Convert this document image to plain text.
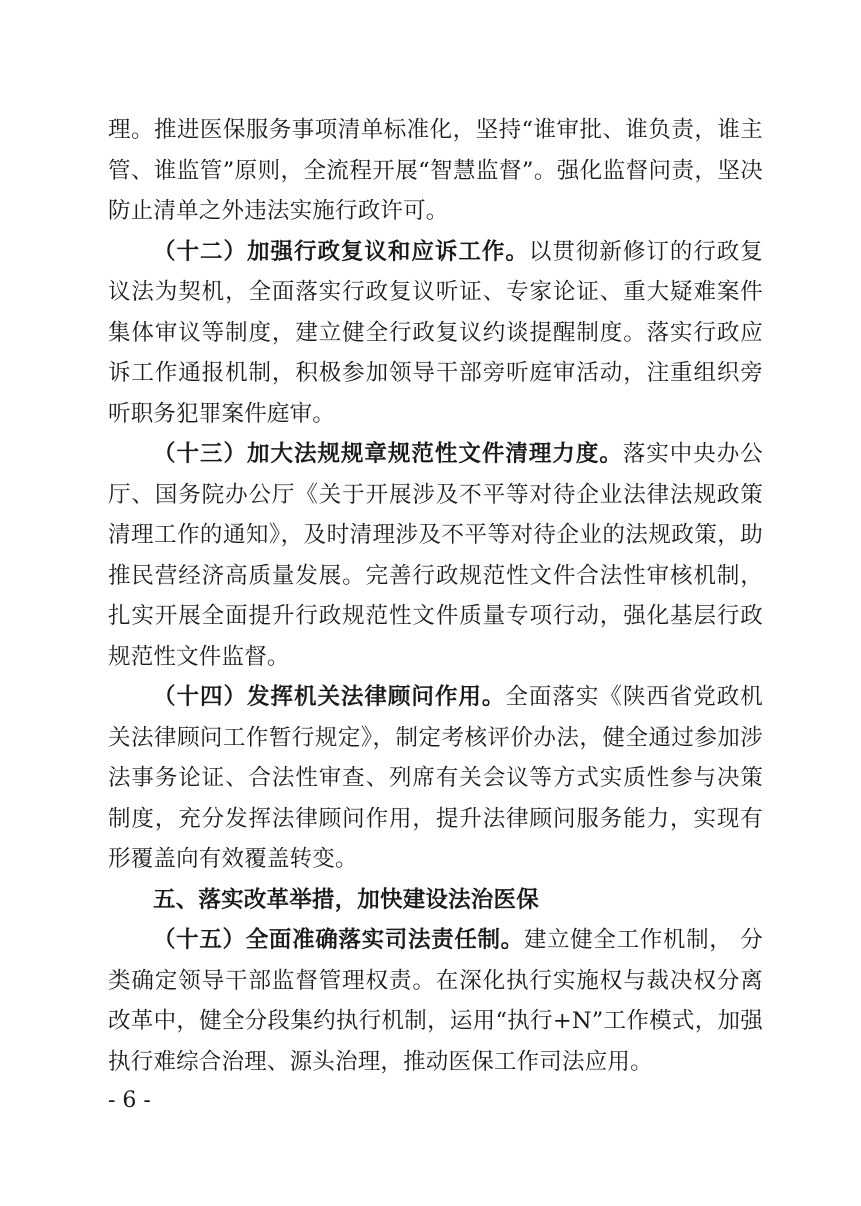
理。推进医保服务事项清单标准化，坚持“谁审批、谁负责，谁主管、谁监管”原则，全流程开展“智慧监督”。强化监督问责，坚决防止清单之外违法实施行政许可。

（十二）加强行政复议和应诉工作。以贯彻新修订的行政复议法为契机，全面落实行政复议听证、专家论证、重大疑难案件集体审议等制度，建立健全行政复议约谈提醒制度。落实行政应诉工作通报机制，积极参加领导干部旁听庭审活动，注重组织旁听职务犯罪案件庭审。

（十三）加大法规规章规范性文件清理力度。落实中央办公厅、国务院办公厅《关于开展涉及不平等对待企业法律法规政策清理工作的通知》，及时清理涉及不平等对待企业的法规政策，助推民营经济高质量发展。完善行政规范性文件合法性审核机制，扎实开展全面提升行政规范性文件质量专项行动，强化基层行政规范性文件监督。

（十四）发挥机关法律顾问作用。全面落实《陕西省党政机关法律顾问工作暂行规定》，制定考核评价办法，健全通过参加涉法事务论证、合法性审查、列席有关会议等方式实质性参与决策制度，充分发挥法律顾问作用，提升法律顾问服务能力，实现有形覆盖向有效覆盖转变。

五、落实改革举措，加快建设法治医保

（十五）全面准确落实司法责任制。建立健全工作机制， 分类确定领导干部监督管理权责。在深化执行实施权与裁决权分离改革中，健全分段集约执行机制，运用“执行+N”工作模式，加强执行难综合治理、源头治理，推动医保工作司法应用。

- 6 -
